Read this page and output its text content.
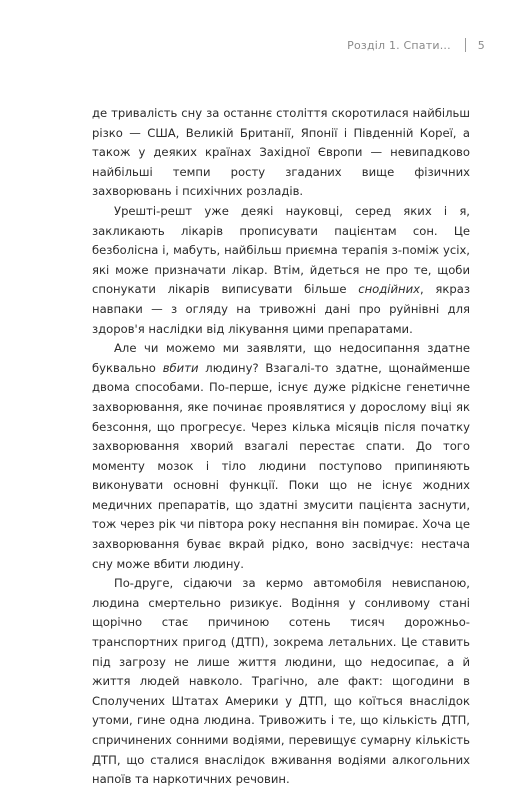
Розділ 1. Спати... 5

де тривалість сну за останнє століття скоротилася найбільш різко — США, Великій Британії, Японії і Південній Кореї, а також у деяких країнах Західної Європи — невипадково найбільші темпи росту згаданих вище фізичних захворювань і психічних розладів.

Урешті-решт уже деякі науковці, серед яких і я, закликають лікарів прописувати пацієнтам сон. Це безболісна і, мабуть, найбільш приємна терапія з-поміж усіх, які може призначати лікар. Втім, йдеться не про те, щоби спонукати лікарів виписувати більше снодійних, якраз навпаки — з огляду на тривожні дані про руйнівні для здоров'я наслідки від лікування цими препаратами.

Але чи можемо ми заявляти, що недосипання здатне буквально вбити людину? Взагалі-то здатне, щонайменше двома способами. По-перше, існує дуже рідкісне генетичне захворювання, яке починає проявлятися у дорослому віці як безсоння, що прогресує. Через кілька місяців після початку захворювання хворий взагалі перестає спати. До того моменту мозок і тіло людини поступово припиняють виконувати основні функції. Поки що не існує жодних медичних препаратів, що здатні змусити пацієнта заснути, тож через рік чи півтора року неспання він помирає. Хоча це захворювання буває вкрай рідко, воно засвідчує: нестача сну може вбити людину.

По-друге, сідаючи за кермо автомобіля невиспаною, людина смертельно ризикує. Водіння у сонливому стані щорічно стає причиною сотень тисяч дорожньо-транспортних пригод (ДТП), зокрема летальних. Це ставить під загрозу не лише життя людини, що недосипає, а й життя людей навколо. Трагічно, але факт: щогодини в Сполучених Штатах Америки у ДТП, що коїться внаслідок утоми, гине одна людина. Тривожить і те, що кількість ДТП, спричинених сонними водіями, перевищує сумарну кількість ДТП, що сталися внаслідок вживання водіями алкогольних напоїв та наркотичних речовин.
